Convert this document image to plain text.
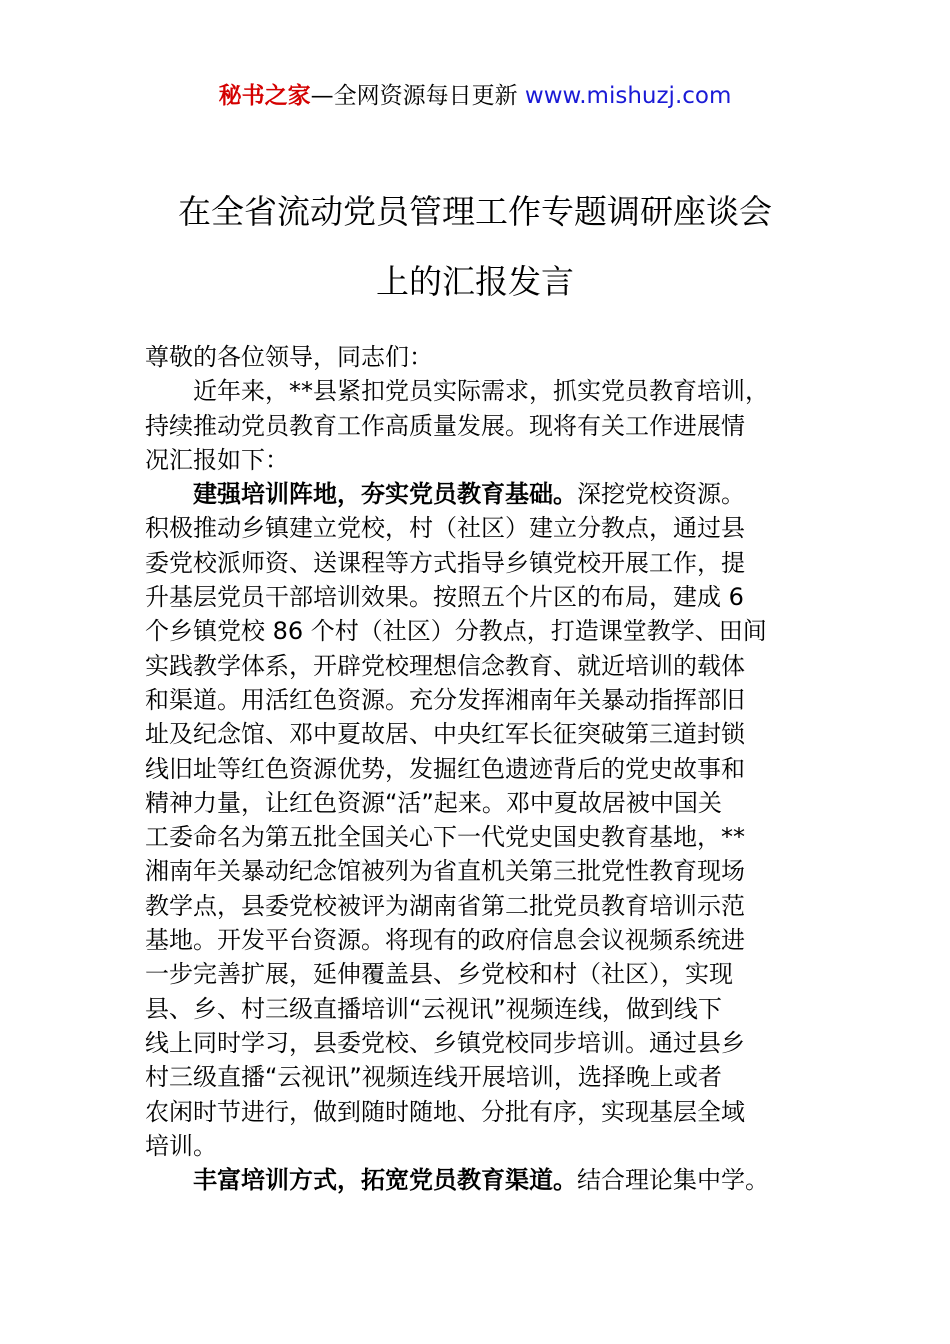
秘书之家—全网资源每日更新 www.mishuzj.com
在全省流动党员管理工作专题调研座谈会
上的汇报发言
尊敬的各位领导，同志们：

近年来，**县紧扣党员实际需求，抓实党员教育培训，
持续推动党员教育工作高质量发展。现将有关工作进展情
况汇报如下：

建强培训阵地，夯实党员教育基础。深挖党校资源。
积极推动乡镇建立党校，村（社区）建立分教点，通过县
委党校派师资、送课程等方式指导乡镇党校开展工作，提
升基层党员干部培训效果。按照五个片区的布局，建成 6
个乡镇党校 86 个村（社区）分教点，打造课堂教学、田间
实践教学体系，开辟党校理想信念教育、就近培训的载体
和渠道。用活红色资源。充分发挥湘南年关暴动指挥部旧
址及纪念馆、邓中夏故居、中央红军长征突破第三道封锁
线旧址等红色资源优势，发掘红色遗迹背后的党史故事和
精神力量，让红色资源“活”起来。邓中夏故居被中国关
工委命名为第五批全国关心下一代党史国史教育基地，**
湘南年关暴动纪念馆被列为省直机关第三批党性教育现场
教学点，县委党校被评为湖南省第二批党员教育培训示范
基地。开发平台资源。将现有的政府信息会议视频系统进
一步完善扩展，延伸覆盖县、乡党校和村（社区），实现
县、乡、村三级直播培训“云视讯”视频连线，做到线下
线上同时学习，县委党校、乡镇党校同步培训。通过县乡
村三级直播“云视讯”视频连线开展培训，选择晚上或者
农闲时节进行，做到随时随地、分批有序，实现基层全域
培训。

丰富培训方式，拓宽党员教育渠道。结合理论集中学。
